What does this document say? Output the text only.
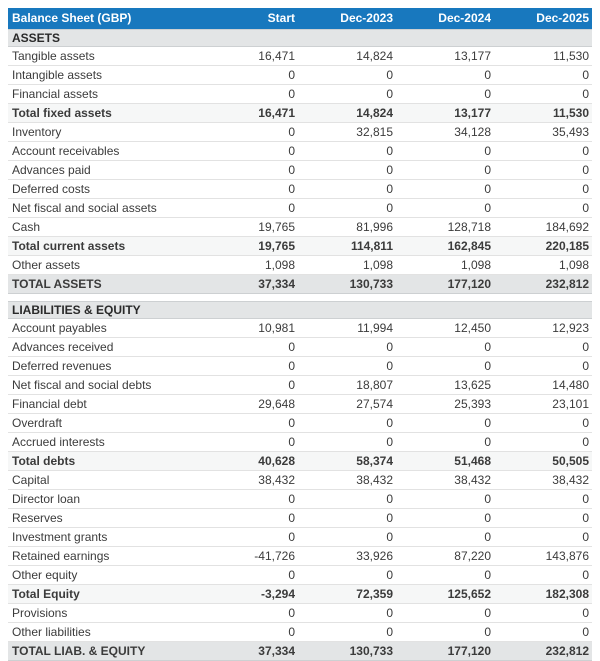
Balance Sheet (GBP)	Start	Dec-2023	Dec-2024	Dec-2025
ASSETS				
Tangible assets	16,471	14,824	13,177	11,530
Intangible assets	0	0	0	0
Financial assets	0	0	0	0
Total fixed assets	16,471	14,824	13,177	11,530
Inventory	0	32,815	34,128	35,493
Account receivables	0	0	0	0
Advances paid	0	0	0	0
Deferred costs	0	0	0	0
Net fiscal and social assets	0	0	0	0
Cash	19,765	81,996	128,718	184,692
Total current assets	19,765	114,811	162,845	220,185
Other assets	1,098	1,098	1,098	1,098
TOTAL ASSETS	37,334	130,733	177,120	232,812

LIABILITIES & EQUITY				
Account payables	10,981	11,994	12,450	12,923
Advances received	0	0	0	0
Deferred revenues	0	0	0	0
Net fiscal and social debts	0	18,807	13,625	14,480
Financial debt	29,648	27,574	25,393	23,101
Overdraft	0	0	0	0
Accrued interests	0	0	0	0
Total debts	40,628	58,374	51,468	50,505
Capital	38,432	38,432	38,432	38,432
Director loan	0	0	0	0
Reserves	0	0	0	0
Investment grants	0	0	0	0
Retained earnings	-41,726	33,926	87,220	143,876
Other equity	0	0	0	0
Total Equity	-3,294	72,359	125,652	182,308
Provisions	0	0	0	0
Other liabilities	0	0	0	0
TOTAL LIAB. & EQUITY	37,334	130,733	177,120	232,812
